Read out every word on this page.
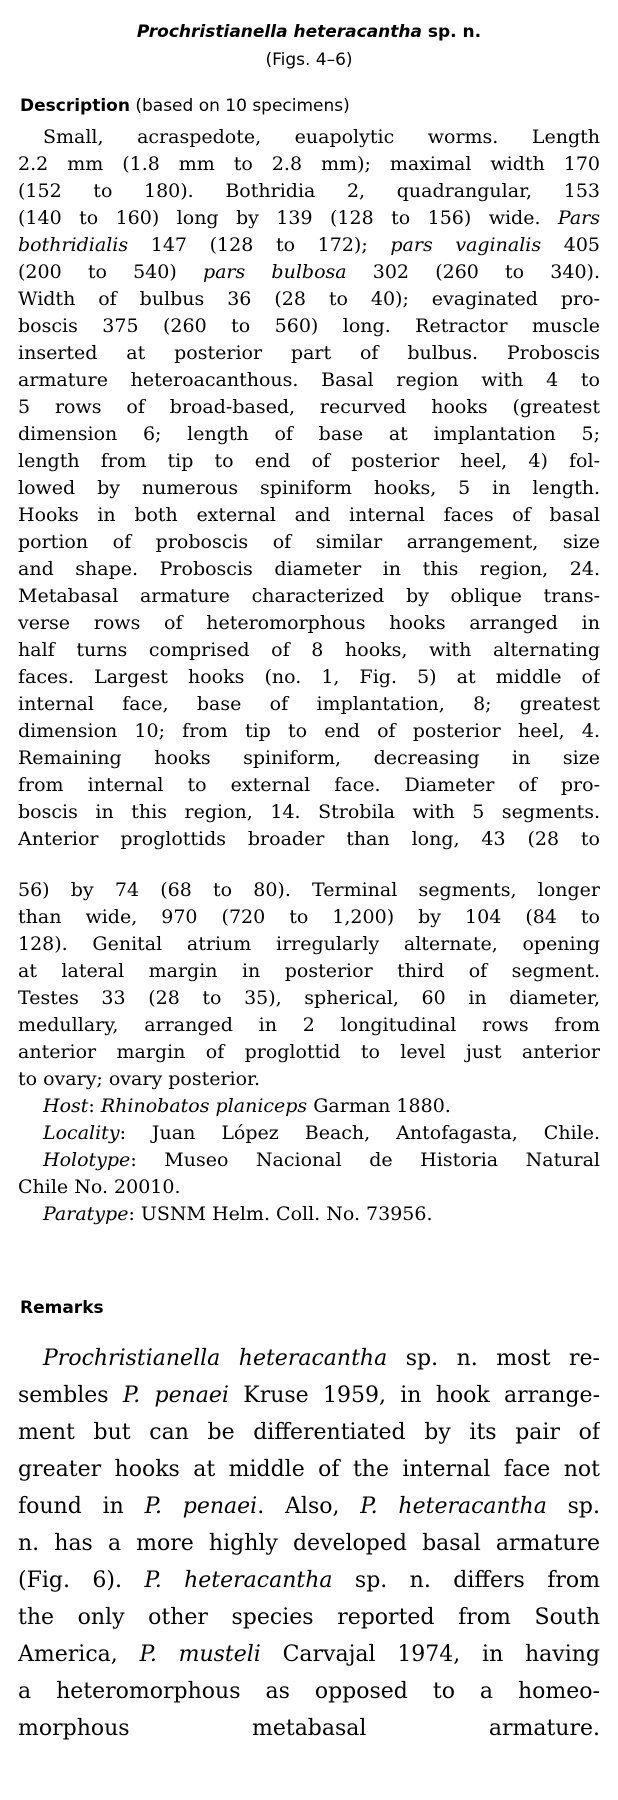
Prochristianella heteracantha sp. n.
(Figs. 4–6)
Description (based on 10 specimens)
Small, acraspedote, euapolytic worms. Length
2.2 mm (1.8 mm to 2.8 mm); maximal width 170
(152 to 180). Bothridia 2, quadrangular, 153
(140 to 160) long by 139 (128 to 156) wide. Pars
bothridialis 147 (128 to 172); pars vaginalis 405
(200 to 540) pars bulbosa 302 (260 to 340).
Width of bulbus 36 (28 to 40); evaginated pro-
boscis 375 (260 to 560) long. Retractor muscle
inserted at posterior part of bulbus. Proboscis
armature heteroacanthous. Basal region with 4 to
5 rows of broad-based, recurved hooks (greatest
dimension 6; length of base at implantation 5;
length from tip to end of posterior heel, 4) fol-
lowed by numerous spiniform hooks, 5 in length.
Hooks in both external and internal faces of basal
portion of proboscis of similar arrangement, size
and shape. Proboscis diameter in this region, 24.
Metabasal armature characterized by oblique trans-
verse rows of heteromorphous hooks arranged in
half turns comprised of 8 hooks, with alternating
faces. Largest hooks (no. 1, Fig. 5) at middle of
internal face, base of implantation, 8; greatest
dimension 10; from tip to end of posterior heel, 4.
Remaining hooks spiniform, decreasing in size
from internal to external face. Diameter of pro-
boscis in this region, 14. Strobila with 5 segments.
Anterior proglottids broader than long, 43 (28 to
56) by 74 (68 to 80). Terminal segments, longer
than wide, 970 (720 to 1,200) by 104 (84 to
128). Genital atrium irregularly alternate, opening
at lateral margin in posterior third of segment.
Testes 33 (28 to 35), spherical, 60 in diameter,
medullary, arranged in 2 longitudinal rows from
anterior margin of proglottid to level just anterior
to ovary; ovary posterior.
Host: Rhinobatos planiceps Garman 1880.
Locality: Juan López Beach, Antofagasta, Chile.
Holotype: Museo Nacional de Historia Natural
Chile No. 20010.
Paratype: USNM Helm. Coll. No. 73956.
Remarks
Prochristianella heteracantha sp. n. most re-
sembles P. penaei Kruse 1959, in hook arrange-
ment but can be differentiated by its pair of
greater hooks at middle of the internal face not
found in P. penaei. Also, P. heteracantha sp.
n. has a more highly developed basal armature
(Fig. 6). P. heteracantha sp. n. differs from
the only other species reported from South
America, P. musteli Carvajal 1974, in having
a heteromorphous as opposed to a homeo-
morphous metabasal armature.
